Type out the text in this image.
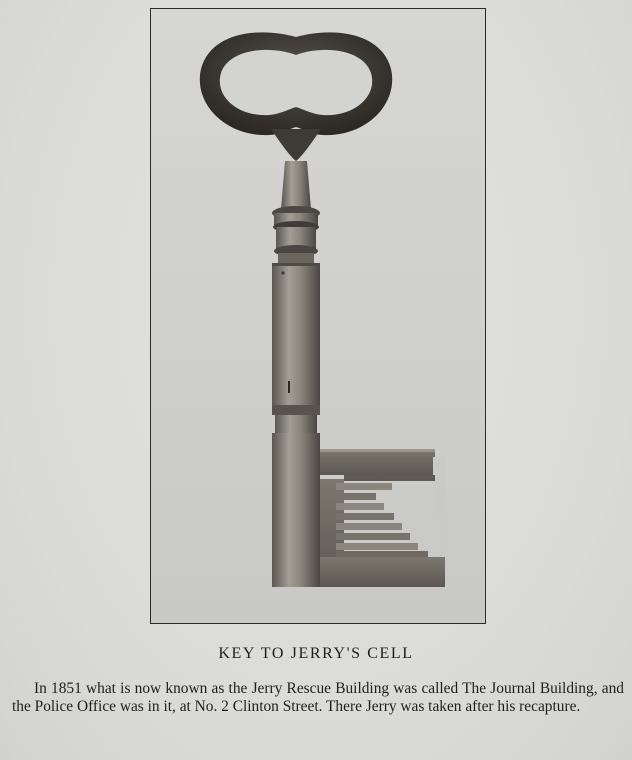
KEY TO JERRY'S CELL

In 1851 what is now known as the Jerry Rescue Building was called The Journal Building, and the Police Office was in it, at No. 2 Clinton Street. There Jerry was taken after his recapture.
